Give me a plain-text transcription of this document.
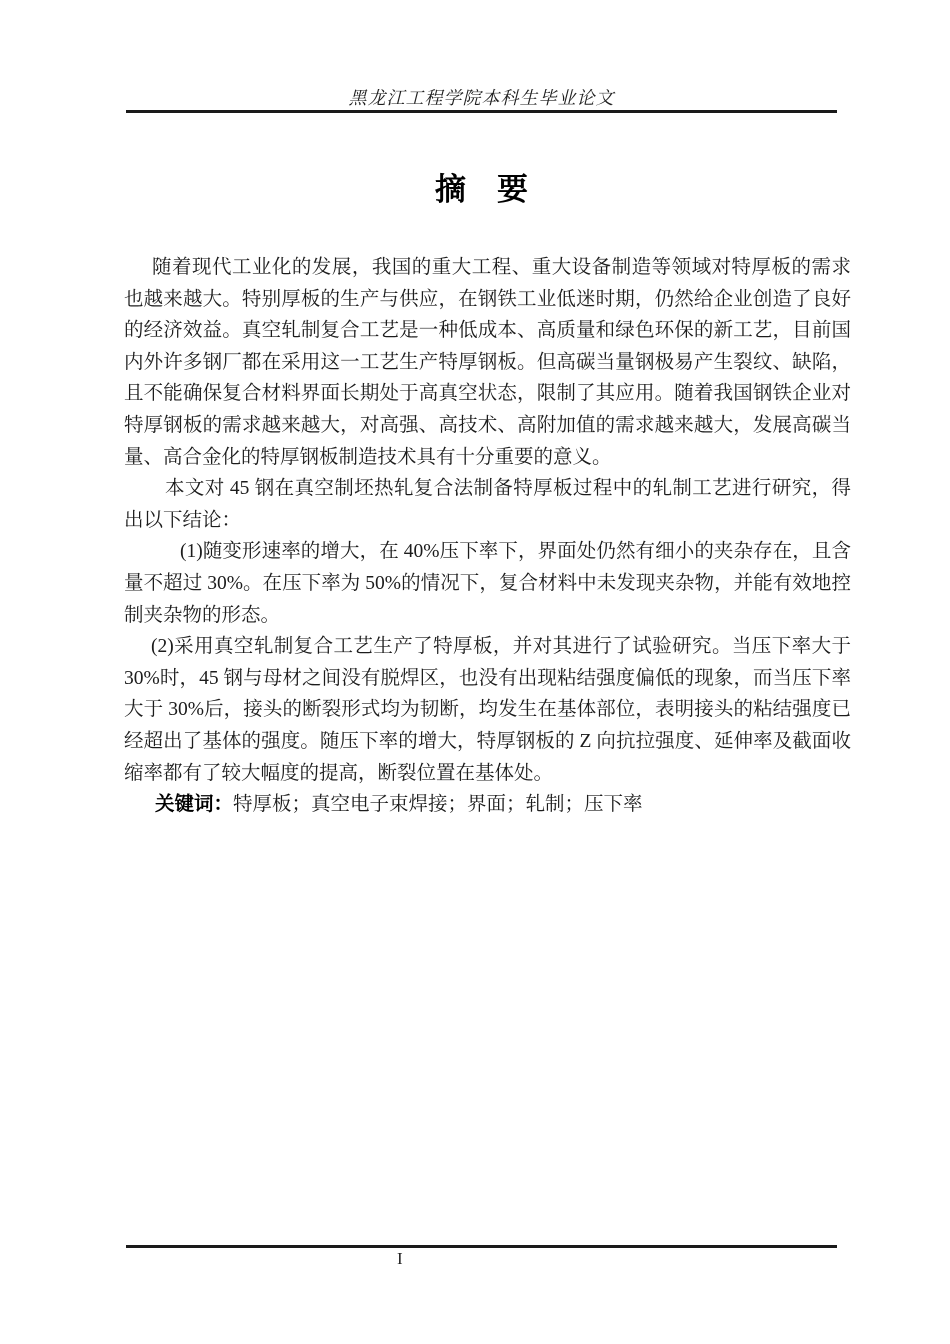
黑龙江工程学院本科生毕业论文
摘　要

随着现代工业化的发展，我国的重大工程、重大设备制造等领域对特厚板的需求也越来越大。特别厚板的生产与供应，在钢铁工业低迷时期，仍然给企业创造了良好的经济效益。真空轧制复合工艺是一种低成本、高质量和绿色环保的新工艺，目前国内外许多钢厂都在采用这一工艺生产特厚钢板。但高碳当量钢极易产生裂纹、缺陷，且不能确保复合材料界面长期处于高真空状态，限制了其应用。随着我国钢铁企业对特厚钢板的需求越来越大，对高强、高技术、高附加值的需求越来越大，发展高碳当量、高合金化的特厚钢板制造技术具有十分重要的意义。

本文对 45 钢在真空制坯热轧复合法制备特厚板过程中的轧制工艺进行研究，得出以下结论：

(1)随变形速率的增大，在 40%压下率下，界面处仍然有细小的夹杂存在，且含量不超过 30%。在压下率为 50%的情况下，复合材料中未发现夹杂物，并能有效地控制夹杂物的形态。

(2)采用真空轧制复合工艺生产了特厚板，并对其进行了试验研究。当压下率大于 30%时，45 钢与母材之间没有脱焊区，也没有出现粘结强度偏低的现象，而当压下率大于 30%后，接头的断裂形式均为韧断，均发生在基体部位，表明接头的粘结强度已经超出了基体的强度。随压下率的增大，特厚钢板的 Z 向抗拉强度、延伸率及截面收缩率都有了较大幅度的提高，断裂位置在基体处。

关键词：特厚板；真空电子束焊接；界面；轧制；压下率

I
